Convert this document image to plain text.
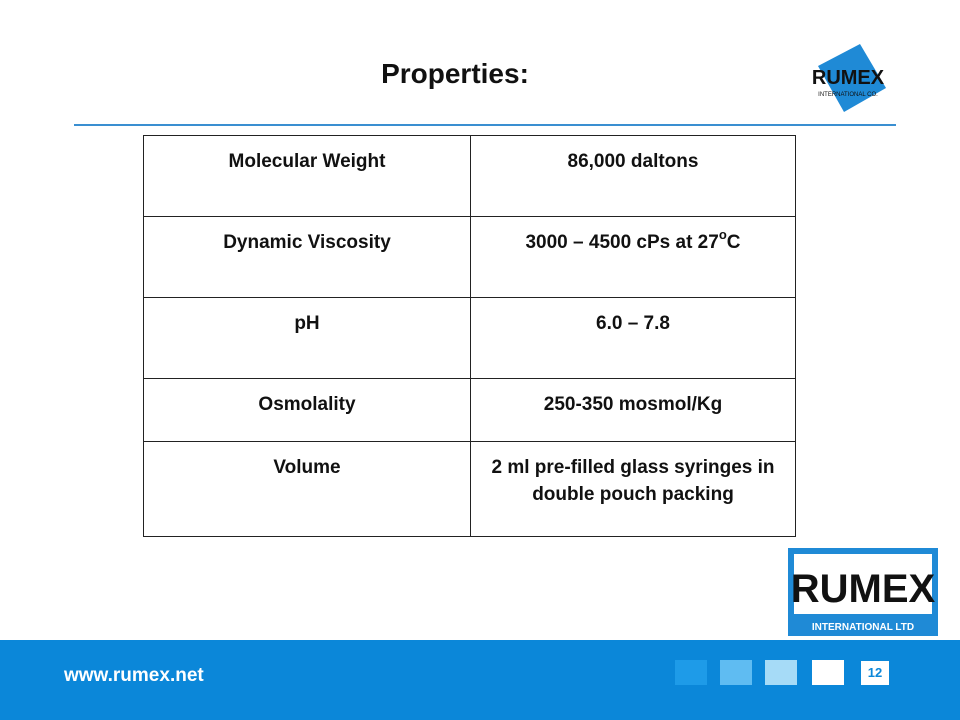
Properties:	RUMEX
INTERNATIONAL CO.
Molecular Weight	86,000 daltons
Dynamic Viscosity	3000 – 4500 cPs at 27$^o$C
pH	6.0 – 7.8
Osmolality	250-350 mosmol/Kg
Volume	2 ml pre-filled glass syringes in double pouch packing
RUMEX
INTERNATIONAL LTD
www.rumex.net	12
